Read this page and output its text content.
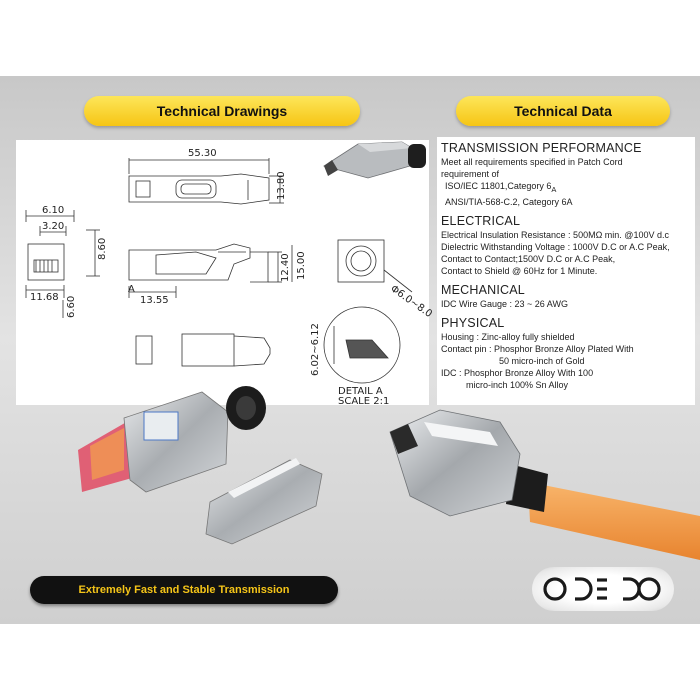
Technical Drawings	Technical Data
55.30
13.80
6.10
3.20
8.60
11.68 6.60	13.55
12.40 15.00
Φ6.0~8.0
6.02~6.12
A
DETAIL A
SCALE 2:1
TRANSMISSION PERFORMANCE
Meet all requirements specified in Patch Cord
requirement of
ISO/IEC 11801,Category $6_A$
ANSI/TIA-568-C.2, Category 6A
ELECTRICAL
Electrical Insulation Resistance : 500MΩ min. @100V d.c
Dielectric Withstanding Voltage : 1000V D.C or A.C Peak,
Contact to Contact;1500V D.C or A.C Peak,
Contact to Shield @ 60Hz for 1 Minute.
MECHANICAL
IDC Wire Gauge : 23 ~ 26 AWG
PHYSICAL
Housing : Zinc-alloy fully shielded
Contact pin : Phosphor Bronze Alloy Plated With
50 micro-inch of Gold
IDC : Phosphor Bronze Alloy With 100
micro-inch 100% Sn Alloy
Extremely Fast and Stable Transmission
